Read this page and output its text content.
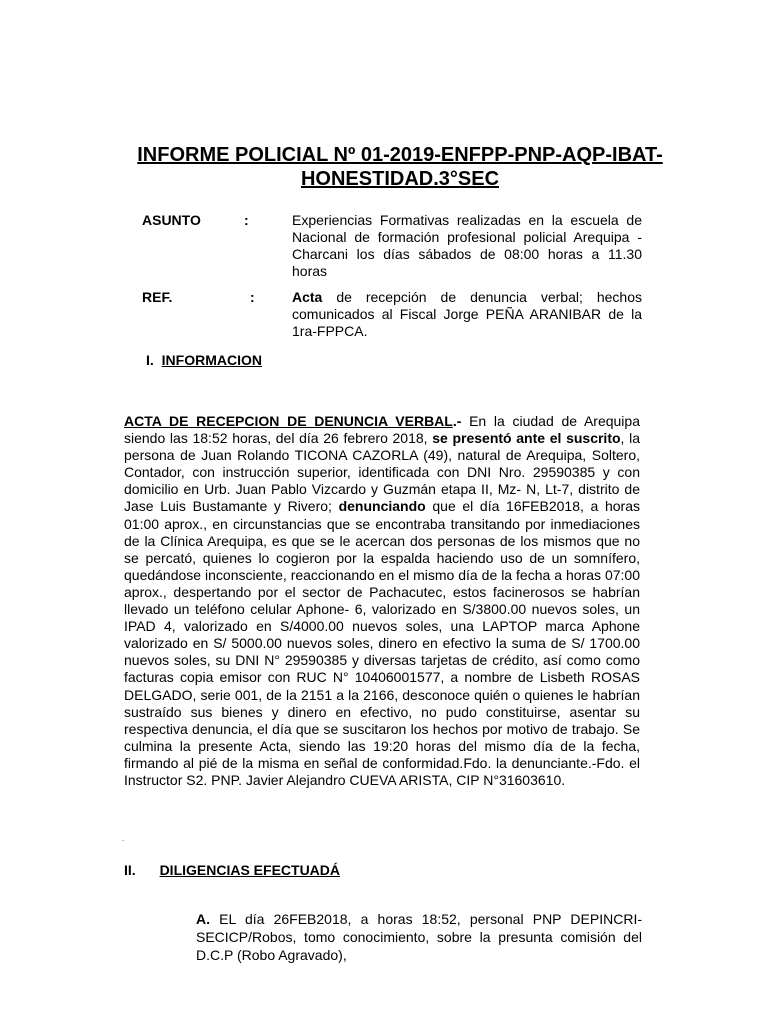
INFORME POLICIAL Nº 01-2019-ENFPP-PNP-AQP-IBAT-
HONESTIDAD.3°SEC
ASUNTO	:	Experiencias Formativas realizadas en la escuela de Nacional de formación profesional policial Arequipa - Charcani los días sábados de 08:00 horas a 11.30 horas
REF.	:	Acta de recepción de denuncia verbal; hechos comunicados al Fiscal Jorge PEÑA ARANIBAR de la 1ra-FPPCA.
I. INFORMACION
ACTA DE RECEPCION DE DENUNCIA VERBAL.- En la ciudad de Arequipa siendo las 18:52 horas, del día 26 febrero 2018, se presentó ante el suscrito, la persona de Juan Rolando TICONA CAZORLA (49), natural de Arequipa, Soltero, Contador, con instrucción superior, identificada con DNI Nro. 29590385 y con domicilio en Urb. Juan Pablo Vizcardo y Guzmán etapa II, Mz- N, Lt-7, distrito de Jase Luis Bustamante y Rivero; denunciando que el día 16FEB2018, a horas 01:00 aprox., en circunstancias que se encontraba transitando por inmediaciones de la Clínica Arequipa, es que se le acercan dos personas de los mismos que no se percató, quienes lo cogieron por la espalda haciendo uso de un somnífero, quedándose inconsciente, reaccionando en el mismo día de la fecha a horas 07:00 aprox., despertando por el sector de Pachacutec, estos facinerosos se habrían llevado un teléfono celular Aphone- 6, valorizado en S/3800.00 nuevos soles, un IPAD 4, valorizado en S/4000.00 nuevos soles, una LAPTOP marca Aphone valorizado en S/ 5000.00 nuevos soles, dinero en efectivo la suma de S/ 1700.00 nuevos soles, su DNI N° 29590385 y diversas tarjetas de crédito, así como como facturas copia emisor con RUC N° 10406001577, a nombre de Lisbeth ROSAS DELGADO, serie 001, de la 2151 a la 2166, desconoce quién o quienes le habrían sustraído sus bienes y dinero en efectivo, no pudo constituirse, asentar su respectiva denuncia, el día que se suscitaron los hechos por motivo de trabajo. Se culmina la presente Acta, siendo las 19:20 horas del mismo día de la fecha, firmando al pié de la misma en señal de conformidad.Fdo. la denunciante.-Fdo. el Instructor S2. PNP. Javier Alejandro CUEVA ARISTA, CIP N°31603610.
.
II. DILIGENCIAS EFECTUADÁ
A. EL día 26FEB2018, a horas 18:52, personal PNP DEPINCRI-SECICP/Robos, tomo conocimiento, sobre la presunta comisión del D.C.P (Robo Agravado),
